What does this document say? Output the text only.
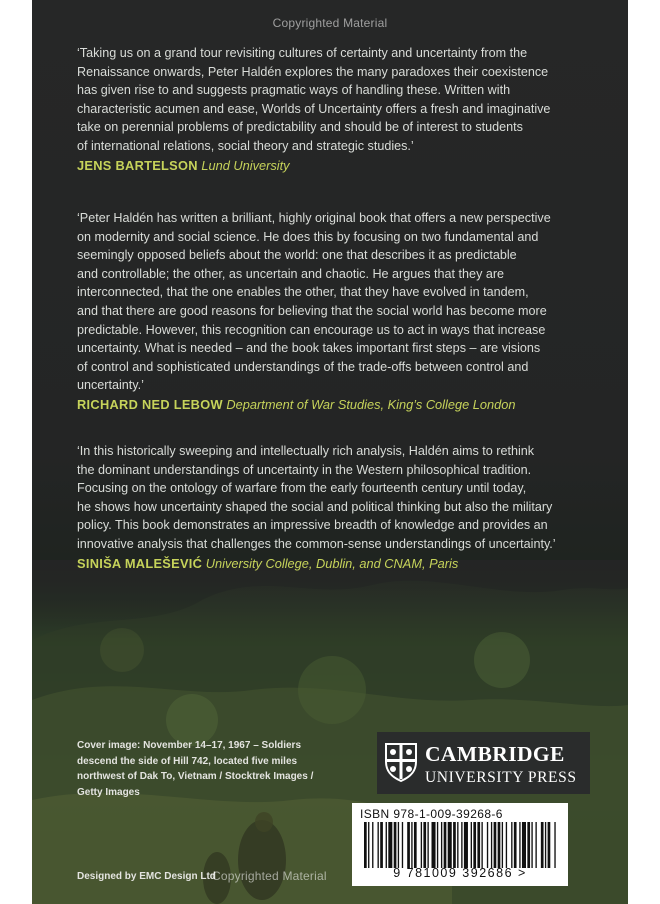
Copyrighted Material

‘Taking us on a grand tour revisiting cultures of certainty and uncertainty from the

Renaissance onwards, Peter Haldén explores the many paradoxes their coexistence

has given rise to and suggests pragmatic ways of handling these. Written with

characteristic acumen and ease, Worlds of Uncertainty offers a fresh and imaginative

take on perennial problems of predictability and should be of interest to students

of international relations, social theory and strategic studies.’

JENS BARTELSON Lund University

‘Peter Haldén has written a brilliant, highly original book that offers a new perspective

on modernity and social science. He does this by focusing on two fundamental and

seemingly opposed beliefs about the world: one that describes it as predictable

and controllable; the other, as uncertain and chaotic. He argues that they are

interconnected, that the one enables the other, that they have evolved in tandem,

and that there are good reasons for believing that the social world has become more

predictable. However, this recognition can encourage us to act in ways that increase

uncertainty. What is needed – and the book takes important first steps – are visions

of control and sophisticated understandings of the trade-offs between control and

uncertainty.’

RICHARD NED LEBOW Department of War Studies, King’s College London

‘In this historically sweeping and intellectually rich analysis, Haldén aims to rethink

the dominant understandings of uncertainty in the Western philosophical tradition.

Focusing on the ontology of warfare from the early fourteenth century until today,

he shows how uncertainty shaped the social and political thinking but also the military

policy. This book demonstrates an impressive breadth of knowledge and provides an

innovative analysis that challenges the common-sense understandings of uncertainty.’

SINIŠA MALEŠEVIĆ University College, Dublin, and CNAM, Paris

Cover image: November 14–17, 1967 – Soldiers
descend the side of Hill 742, located five miles
northwest of Dak To, Vietnam / Stocktrek Images /
Getty Images
CAMBRIDGE
UNIVERSITY PRESS
Designed by EMC Design Ltd
Copyrighted Material
ISBN 978-1-009-39268-6
9 781009 392686 >
